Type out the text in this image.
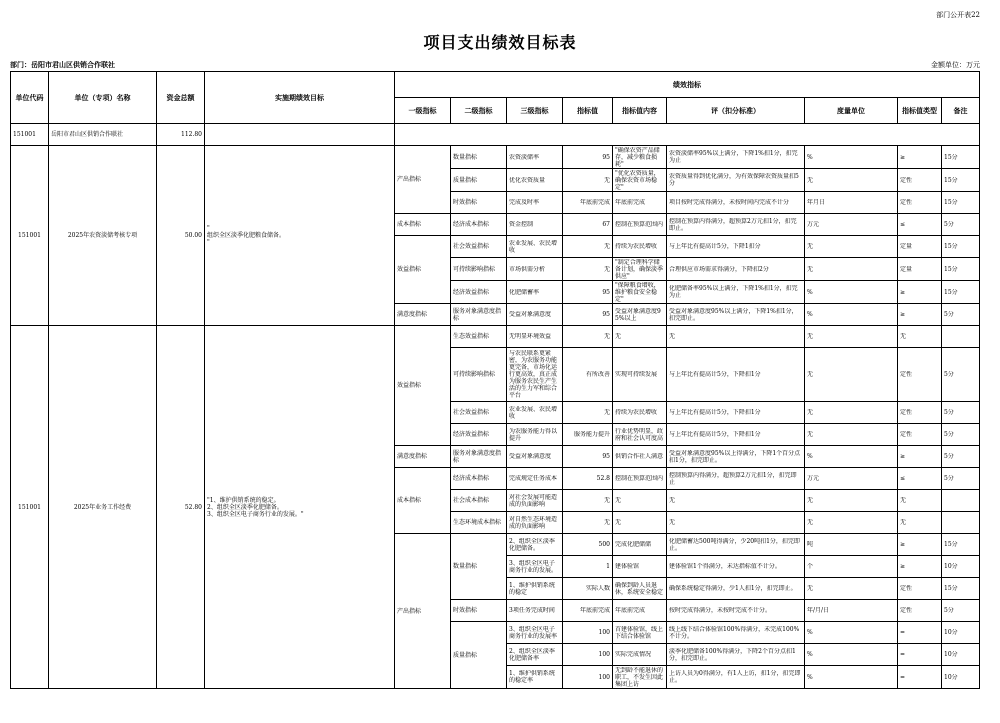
部门公开表22
项目支出绩效目标表
部门：岳阳市君山区供销合作联社	金额单位：万元
单位代码	单位（专项）名称	资金总额	实施期绩效目标	绩效指标								
				一级指标	二级指标	三级指标	指标值	指标值内容	评（扣分标准）	度量单位	指标值类型	备注
151001	岳阳市君山区供销合作联社	112.80										
151001	2025年农资淡储考核专项	50.00	"
组织全区淡季化肥粮食储备。
"	产出指标	数量指标	农资淡储率	95	"确保农资产品储存，减少粮食损耗"	农资淡储率95%以上满分，下降1%扣1分，扣完为止	%	≥	15分

					质量指标	优化农资质量	无	"优化农资质量，确保农资市场稳定"	农资质量得到优化满分，为有效保障农资质量扣5分	无	定性	15分

					时效指标	完成及时率	年底前完成	年底前完成	项目按时完成得满分，未按时间内完成不计分	年月日	定性	15分

				成本指标	经济成本指标	资金控制	67	控制在预算范围内	控制在预算内得满分，超预算2万元扣1分，扣完即止。	万元	≤	5分

				效益指标	社会效益指标	农业发展、农民增收	无	持续为农民增收	与上年比有提高计5分，下降1扣分	无	定量	15分

					可持续影响指标	市场供需分析	无	"制定合理科学储备计划，确保淡季供应"	合理供应市场需求得满分，下降扣2分	无	定量	15分

					经济效益指标	化肥储蓄率	95	"保障粮食增收，维护粮食安全稳定"	化肥储备率95%以上满分，下降1%扣1分，扣完为止	%	≥	15分

				满意度指标	服务对象满意度指标	受益对象满意度	95	受益对象满意度95%以上	受益对象满意度95%以上满分，下降1%扣1分，扣完即止。	%	≥	5分

151001	2025年业务工作经费	52.80	"1、维护供销系统的稳定。
2、组织全区淡季化肥储备。
3、组织全区电子商务行业的发展。"	效益指标	生态效益指标	无明显环境效益	无	无	无	无	无	

					可持续影响指标	与农民联系更紧密，为农服务功能更完备，市场化运行更高效，真正成为服务农民生产生活的生力军和综合平台	有所改善	实现可持续发展	与上年比有提高计5分，下降扣1分	无	定性	5分

					社会效益指标	农业发展、农民增收	无	持续为农民增收	与上年比有提高计5分，下降扣1分	无	定性	5分

					经济效益指标	为农服务能力得以提升	服务能力提升	行业优势明显，政府和社会认可度高	与上年比有提高计5分，下降扣1分	无	定性	5分

				满意度指标	服务对象满意度指标	受益对象满意度	95	供销合作社人满意	受益对象满意度95%以上得满分，下降1个百分点扣1分，扣完即止。	%	≥	5分

				成本指标	经济成本指标	完成规定任务成本	52.8	控制在预算范围内	控制预算内得满分，超预算2万元扣1分，扣完即止	万元	≤	5分

					社会成本指标	对社会发展可能造成的负面影响	无	无	无	无	无	

					生态环境成本指标	对自然生态环境造成的负面影响	无	无	无	无	无	

				产出指标	数量指标	2、组织全区淡季化肥储备。	500	完成化肥储储	化肥储蓄达500吨得满分，少20吨扣1分，扣完即止。	吨	≥	15分

						3、组织全区电子商务行业的发展。	1	建体验馆	建体验馆1个得满分，未达指标值不计分。	个	≥	10分

						1、维护供销系统的稳定	实际人数	确保到龄人员退休，系统安全稳定	确保系统稳定得满分，少1人扣1分，扣完即止。	无	定性	15分

					时效指标	3项任务完成时间	年底前完成	年底前完成	按时完成得满分，未按时完成不计分。	年/月/日	定性	5分

					质量指标	3、组织全区电子商务行业的发展率	100	首建体验馆，线上下结合体验馆	线上线下结合体验馆100%得满分，未完成100%不计分。	%	=	10分

						2、组织全区淡季化肥储备率	100	实际完成情况	淡季化肥储备100%得满分，下降2个百分点扣1分，扣完即止。	%	=	10分

						1、维护供销系统的稳定率	100	无到龄不能退休的职工，不发生因此集团上访	上访人员为0得满分，有1人上访，扣1分，扣完即止。	%	=	10分
